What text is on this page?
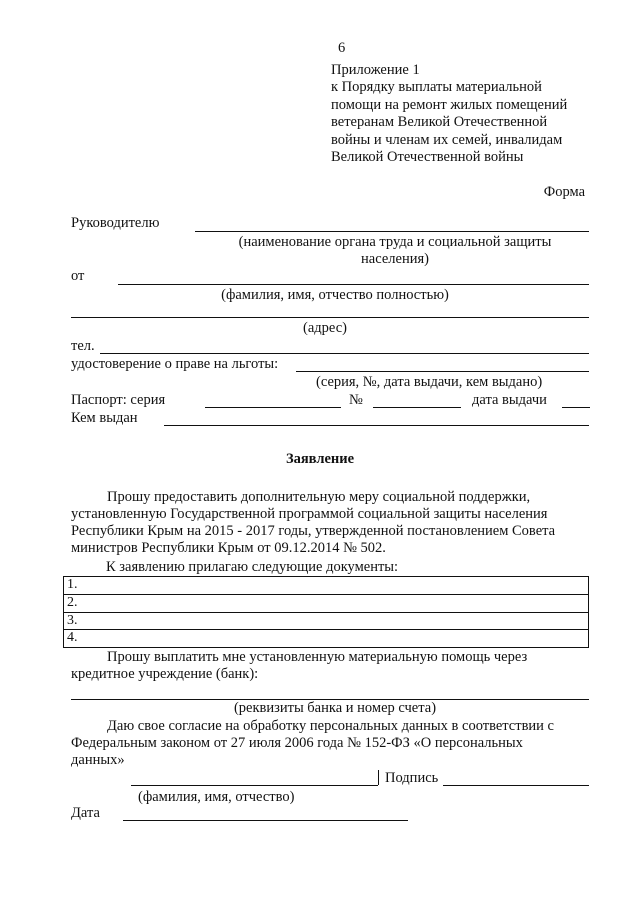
6
Приложение 1
к Порядку выплаты материальной
помощи на ремонт жилых помещений
ветеранам Великой Отечественной
войны и членам их семей, инвалидам
Великой Отечественной войны
Форма
Руководителю
(наименование органа труда и социальной защиты
населения)
от
(фамилия, имя, отчество полностью)
(адрес)
тел.
удостоверение о праве на льготы:
(серия, №, дата выдачи, кем выдано)
Паспорт: серия	№	дата выдачи
Кем выдан
Заявление
Прошу предоставить дополнительную меру социальной поддержки,
установленную Государственной программой социальной защиты населения
Республики Крым на 2015 - 2017 годы, утвержденной постановлением Совета
министров Республики Крым от 09.12.2014 № 502.
К заявлению прилагаю следующие документы:
1.
2.
3.
4.
Прошу выплатить мне установленную материальную помощь через
кредитное учреждение (банк):
(реквизиты банка и номер счета)
Даю свое согласие на обработку персональных данных в соответствии с
Федеральным законом от 27 июля 2006 года № 152-ФЗ «О персональных
данных»
Подпись
(фамилия, имя, отчество)
Дата
